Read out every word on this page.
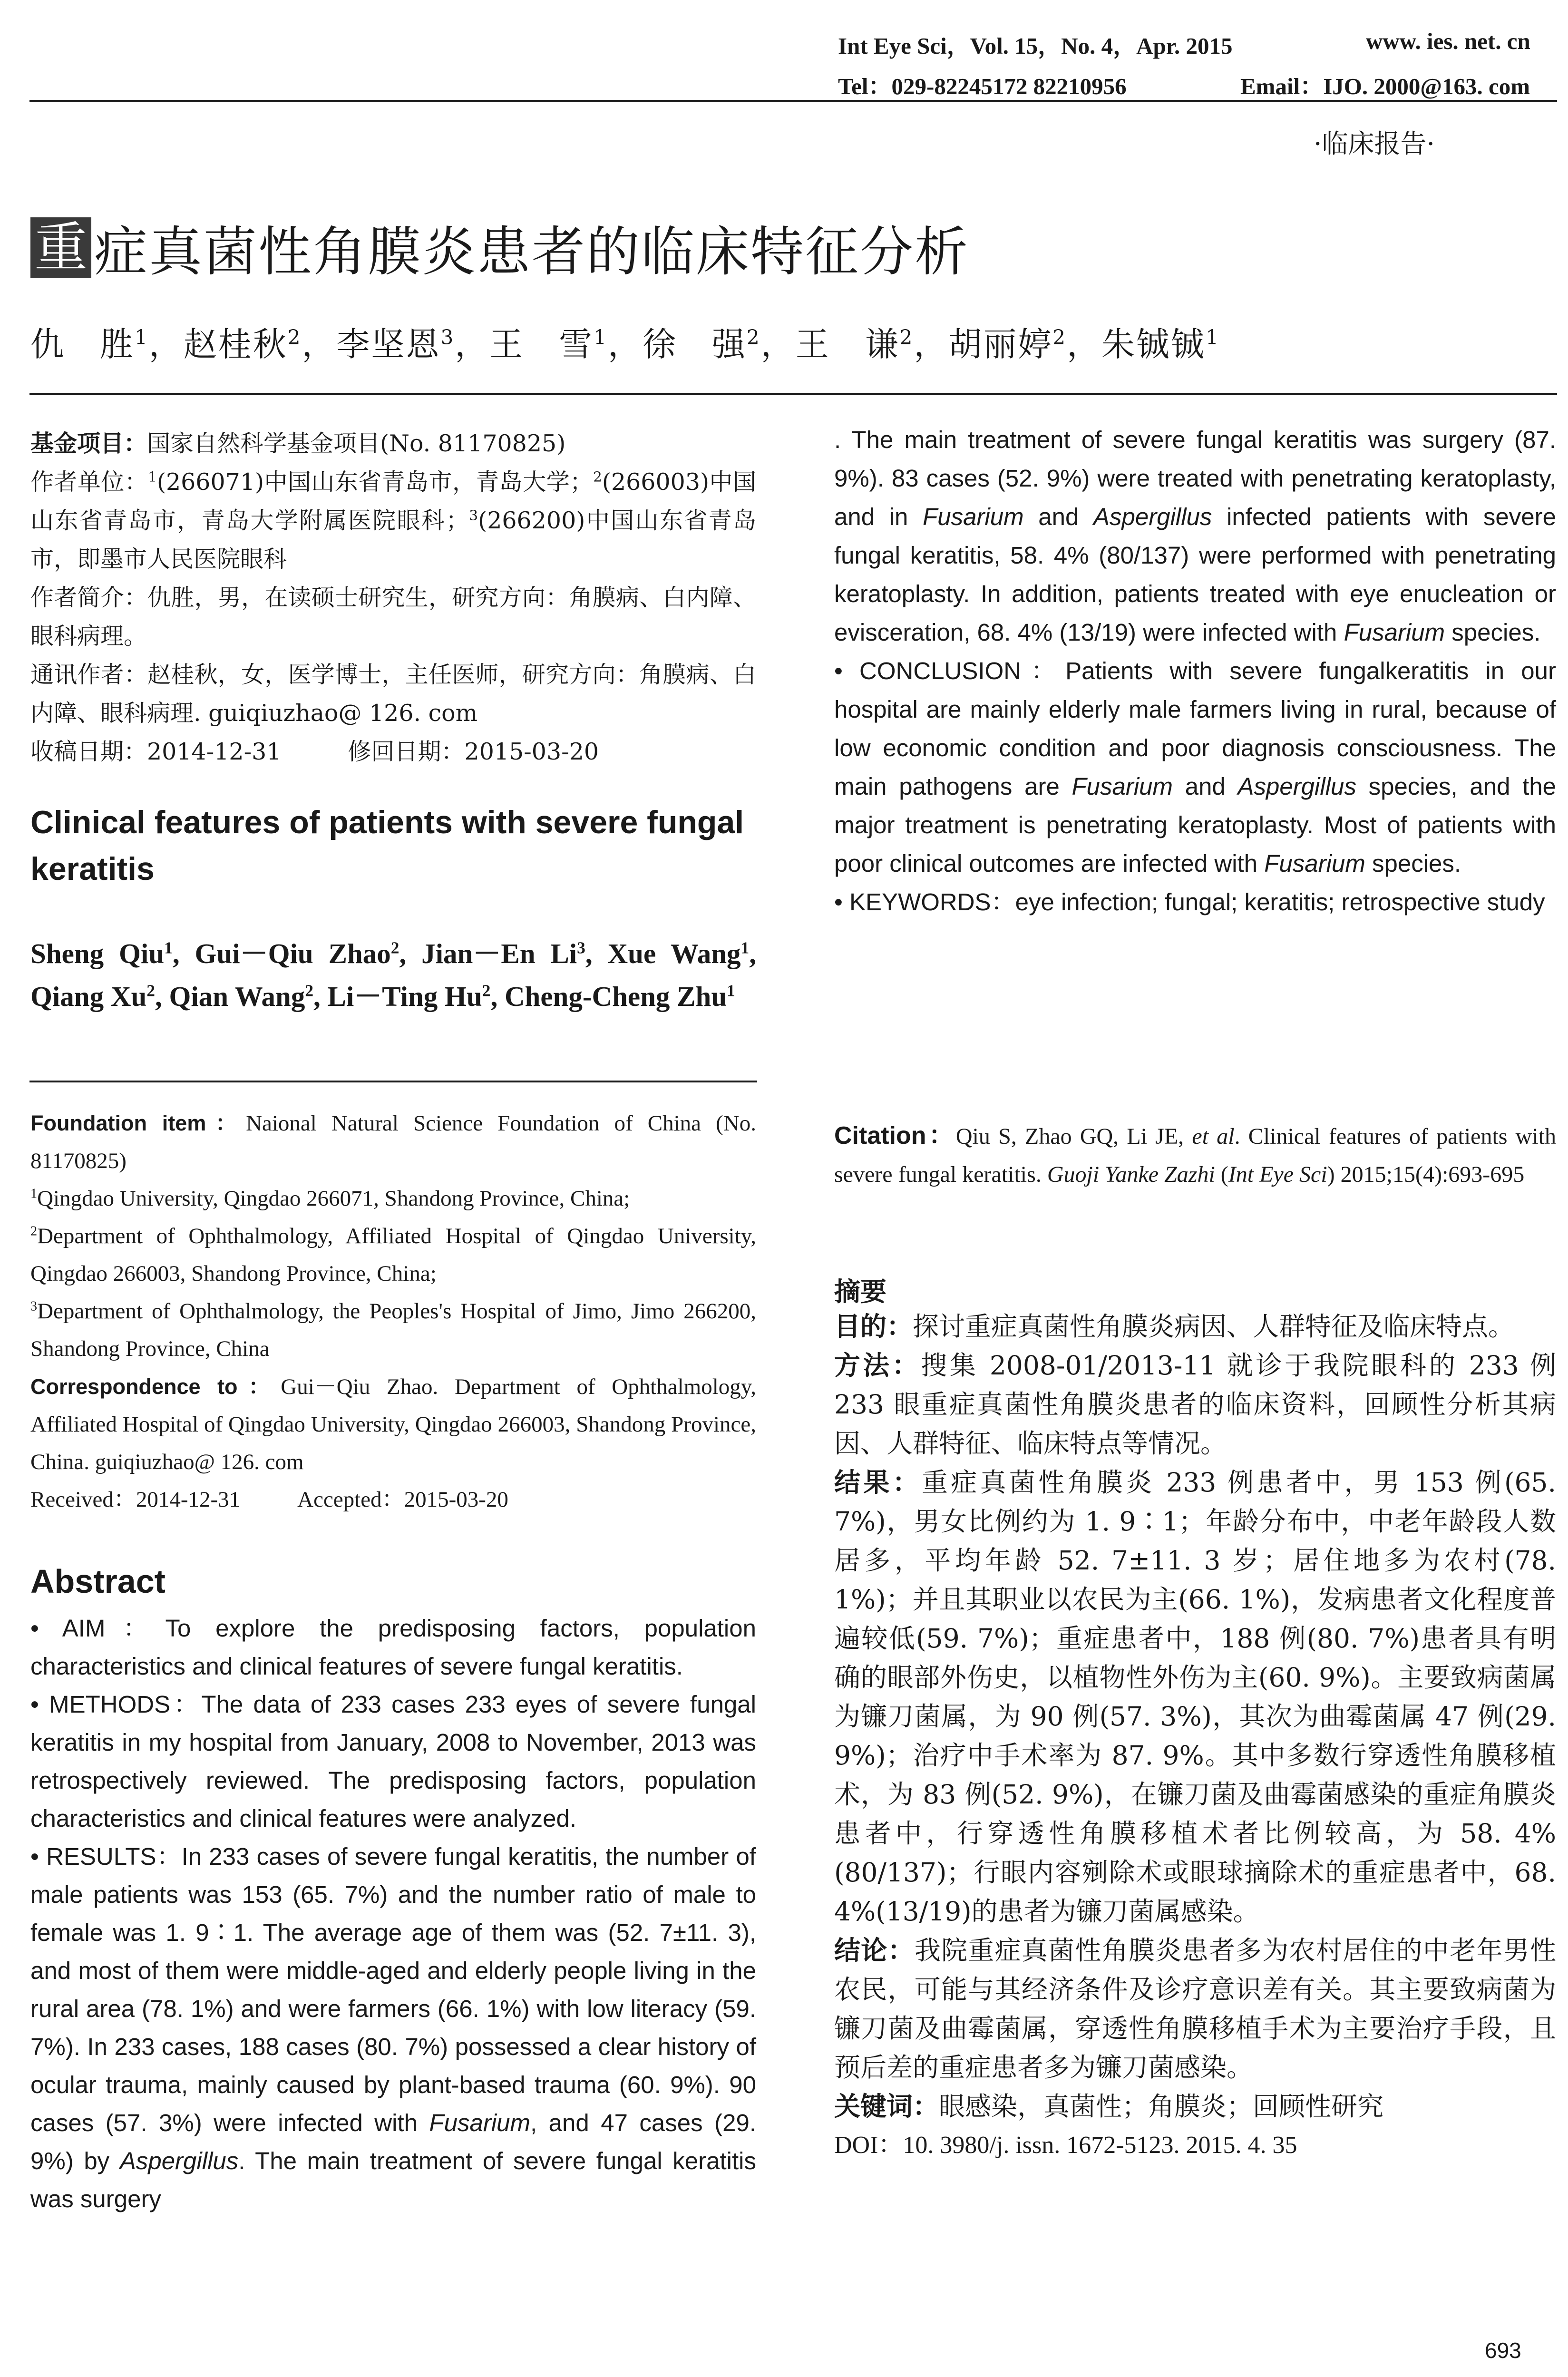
Int Eye Sci，Vol. 15，No. 4，Apr. 2015	www. ies. net. cn
Tel：029-82245172 82210956	Email：IJO. 2000@163. com
·临床报告·
重 症真菌性角膜炎患者的临床特征分析
仇　胜$^1$，赵桂秋$^2$，李坚恩$^3$，王　雪$^1$，徐　强$^2$，王　谦$^2$，胡丽婷$^2$，朱铖铖$^1$

基金项目：国家自然科学基金项目(No. 81170825)

作者单位：$^1$(266071)中国山东省青岛市，青岛大学；$^2$(266003)中国山东省青岛市，青岛大学附属医院眼科；$^3$(266200)中国山东省青岛市，即墨市人民医院眼科

作者简介：仇胜，男，在读硕士研究生，研究方向：角膜病、白内障、眼科病理。

通讯作者：赵桂秋，女，医学博士，主任医师，研究方向：角膜病、白内障、眼科病理. guiqiuzhao@ 126. com

收稿日期：2014-12-31	修回日期：2015-03-20

Clinical features of patients with severe fungal keratitis
Sheng Qiu$^1$, Gui－Qiu Zhao$^2$, Jian－En Li$^3$, Xue Wang$^1$, Qiang Xu$^2$, Qian Wang$^2$, Li－Ting Hu$^2$, Cheng-Cheng Zhu$^1$

Foundation item：Naional Natural Science Foundation of China (No. 81170825)

$^1$Qingdao University, Qingdao 266071, Shandong Province, China;

$^2$Department of Ophthalmology, Affiliated Hospital of Qingdao University, Qingdao 266003, Shandong Province, China;

$^3$Department of Ophthalmology, the Peoples's Hospital of Jimo, Jimo 266200, Shandong Province, China

Correspondence to：Gui－Qiu Zhao. Department of Ophthalmology, Affiliated Hospital of Qingdao University, Qingdao 266003, Shandong Province, China. guiqiuzhao@ 126. com

Received：2014-12-31	Accepted：2015-03-20

Abstract

• AIM：To explore the predisposing factors, population characteristics and clinical features of severe fungal keratitis.

• METHODS：The data of 233 cases 233 eyes of severe fungal keratitis in my hospital from January, 2008 to November, 2013 was retrospectively reviewed. The predisposing factors, population characteristics and clinical features were analyzed.

• RESULTS：In 233 cases of severe fungal keratitis, the number of male patients was 153 (65. 7%) and the number ratio of male to female was 1. 9∶1. The average age of them was (52. 7±11. 3), and most of them were middle-aged and elderly people living in the rural area (78. 1%) and were farmers (66. 1%) with low literacy (59. 7%). In 233 cases, 188 cases (80. 7%) possessed a clear history of ocular trauma, mainly caused by plant-based trauma (60. 9%). 90 cases (57. 3%) were infected with Fusarium, and 47 cases (29. 9%) by Aspergillus. The main treatment of severe fungal keratitis was surgery

. The main treatment of severe fungal keratitis was surgery (87. 9%). 83 cases (52. 9%) were treated with penetrating keratoplasty, and in Fusarium and Aspergillus infected patients with severe fungal keratitis, 58. 4% (80/137) were performed with penetrating keratoplasty. In addition, patients treated with eye enucleation or evisceration, 68. 4% (13/19) were infected with Fusarium species.

• CONCLUSION：Patients with severe fungalkeratitis in our hospital are mainly elderly male farmers living in rural, because of low economic condition and poor diagnosis consciousness. The main pathogens are Fusarium and Aspergillus species, and the major treatment is penetrating keratoplasty. Most of patients with poor clinical outcomes are infected with Fusarium species.

• KEYWORDS：eye infection; fungal; keratitis; retrospective study

Citation：Qiu S, Zhao GQ, Li JE, et al. Clinical features of patients with severe fungal keratitis. Guoji Yanke Zazhi (Int Eye Sci) 2015;15(4):693-695
摘要

目的：探讨重症真菌性角膜炎病因、人群特征及临床特点。

方法：搜集 2008-01/2013-11 就诊于我院眼科的 233 例 233 眼重症真菌性角膜炎患者的临床资料，回顾性分析其病因、人群特征、临床特点等情况。

结果：重症真菌性角膜炎 233 例患者中，男 153 例(65. 7%)，男女比例约为 1. 9∶1；年龄分布中，中老年龄段人数居多，平均年龄 52. 7±11. 3 岁；居住地多为农村(78. 1%)；并且其职业以农民为主(66. 1%)，发病患者文化程度普遍较低(59. 7%)；重症患者中，188 例(80. 7%)患者具有明确的眼部外伤史，以植物性外伤为主(60. 9%)。主要致病菌属为镰刀菌属，为 90 例(57. 3%)，其次为曲霉菌属 47 例(29. 9%)；治疗中手术率为 87. 9%。其中多数行穿透性角膜移植术，为 83 例(52. 9%)，在镰刀菌及曲霉菌感染的重症角膜炎患者中，行穿透性角膜移植术者比例较高，为 58. 4%(80/137)；行眼内容剜除术或眼球摘除术的重症患者中，68. 4%(13/19)的患者为镰刀菌属感染。

结论：我院重症真菌性角膜炎患者多为农村居住的中老年男性农民，可能与其经济条件及诊疗意识差有关。其主要致病菌为镰刀菌及曲霉菌属，穿透性角膜移植手术为主要治疗手段，且预后差的重症患者多为镰刀菌感染。

关键词：眼感染，真菌性；角膜炎；回顾性研究

DOI：10. 3980/j. issn. 1672-5123. 2015. 4. 35

693
